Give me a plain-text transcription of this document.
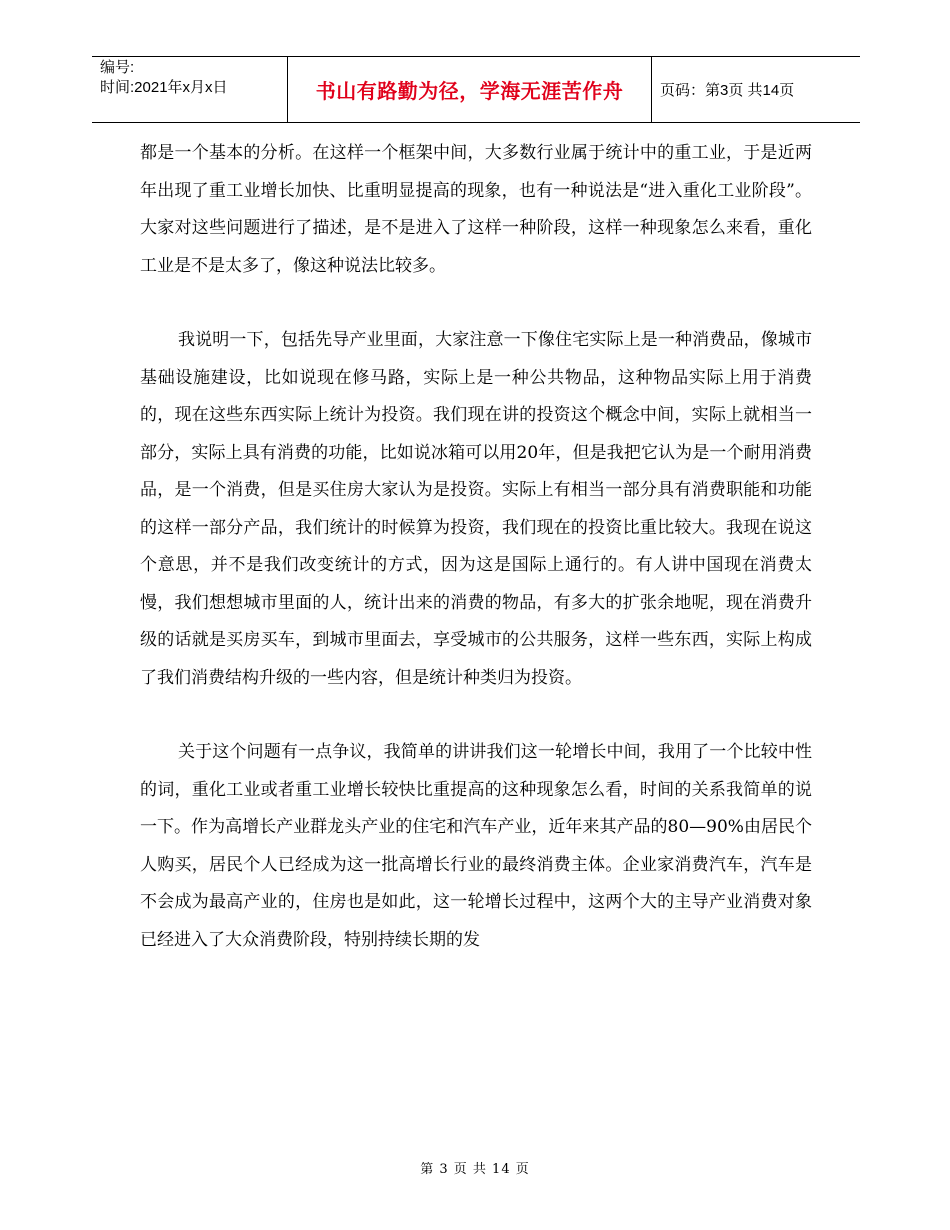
编号:
时间:2021年x月x日	书山有路勤为径，学海无涯苦作舟	页码：第3页 共14页

都是一个基本的分析。在这样一个框架中间，大多数行业属于统计中的重工业，于是近两年出现了重工业增长加快、比重明显提高的现象，也有一种说法是“进入重化工业阶段”。大家对这些问题进行了描述，是不是进入了这样一种阶段，这样一种现象怎么来看，重化工业是不是太多了，像这种说法比较多。

我说明一下，包括先导产业里面，大家注意一下像住宅实际上是一种消费品，像城市基础设施建设，比如说现在修马路，实际上是一种公共物品，这种物品实际上用于消费的，现在这些东西实际上统计为投资。我们现在讲的投资这个概念中间，实际上就相当一部分，实际上具有消费的功能，比如说冰箱可以用20年，但是我把它认为是一个耐用消费品，是一个消费，但是买住房大家认为是投资。实际上有相当一部分具有消费职能和功能的这样一部分产品，我们统计的时候算为投资，我们现在的投资比重比较大。我现在说这个意思，并不是我们改变统计的方式，因为这是国际上通行的。有人讲中国现在消费太慢，我们想想城市里面的人，统计出来的消费的物品，有多大的扩张余地呢，现在消费升级的话就是买房买车，到城市里面去，享受城市的公共服务，这样一些东西，实际上构成了我们消费结构升级的一些内容，但是统计种类归为投资。

关于这个问题有一点争议，我简单的讲讲我们这一轮增长中间，我用了一个比较中性的词，重化工业或者重工业增长较快比重提高的这种现象怎么看，时间的关系我简单的说一下。作为高增长产业群龙头产业的住宅和汽车产业，近年来其产品的80—90%由居民个人购买，居民个人已经成为这一批高增长行业的最终消费主体。企业家消费汽车，汽车是不会成为最高产业的，住房也是如此，这一轮增长过程中，这两个大的主导产业消费对象已经进入了大众消费阶段，特别持续长期的发

第 3 页 共 14 页
